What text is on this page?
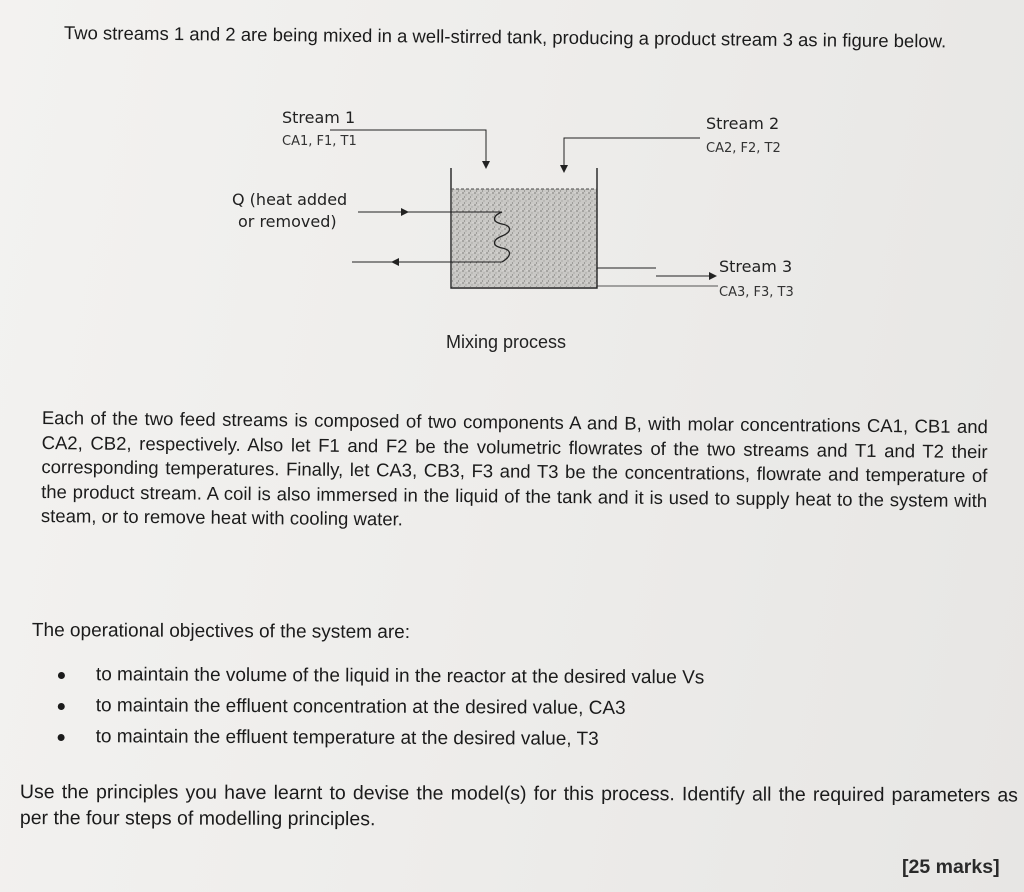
Two streams 1 and 2 are being mixed in a well-stirred tank, producing a product stream 3 as in figure below.
Stream 1
CA1, F1, T1
Stream 2
CA2, F2, T2
Q (heat added
or removed)
Stream 3
CA3, F3, T3
Mixing process
Each of the two feed streams is composed of two components A and B, with molar concentrations CA1, CB1 and CA2, CB2, respectively. Also let F1 and F2 be the volumetric flowrates of the two streams and T1 and T2 their corresponding temperatures. Finally, let CA3, CB3, F3 and T3 be the concentrations, flowrate and temperature of the product stream. A coil is also immersed in the liquid of the tank and it is used to supply heat to the system with steam, or to remove heat with cooling water.
The operational objectives of the system are:
to maintain the volume of the liquid in the reactor at the desired value Vs
to maintain the effluent concentration at the desired value, CA3
to maintain the effluent temperature at the desired value, T3
Use the principles you have learnt to devise the model(s) for this process. Identify all the required parameters as per the four steps of modelling principles.
[25 marks]
